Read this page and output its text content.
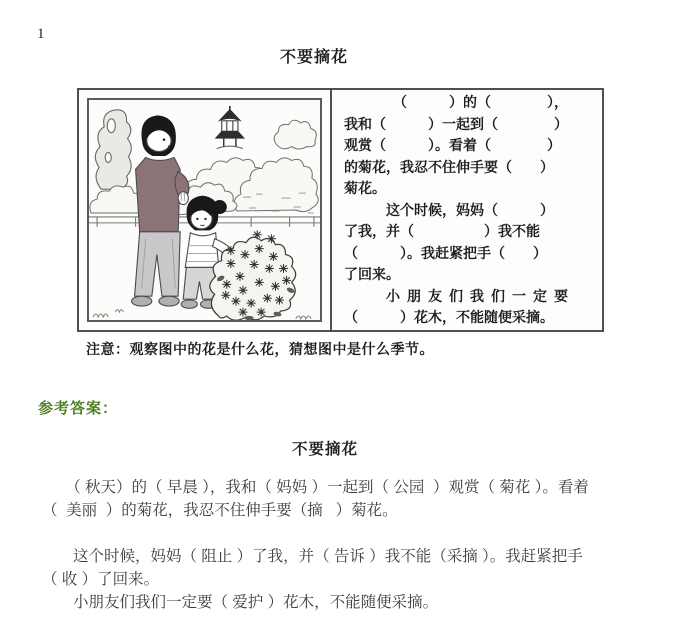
1
不要摘花
　　　　（　　　）的（　　　　），
我和（　　　）一起到（　　　　）
观赏（　　　）。看着（　　　　）
的菊花，我忍不住伸手要（　　）
菊花。
　　　这个时候，妈妈（　　　）
了我，并（　　　　　）我不能
（　　　）。我赶紧把手（　　）
了回来。
　　　小  朋  友  们  我  们  一  定  要
（　　　）花木，不能随便采摘。
注意：观察图中的花是什么花，猜想图中是什么季节。
参考答案：
不要摘花
　　（ 秋天）的（ 早晨 ），我和（ 妈妈 ）一起到（ 公园  ）观赏（ 菊花 ）。看着
（  美丽  ）的菊花，我忍不住伸手要（摘   ）菊花。
　　这个时候，妈妈（ 阻止 ）了我，并（ 告诉 ）我不能（采摘 ）。我赶紧把手
（ 收 ）了回来。
　　小朋友们我们一定要（ 爱护 ）花木，不能随便采摘。
